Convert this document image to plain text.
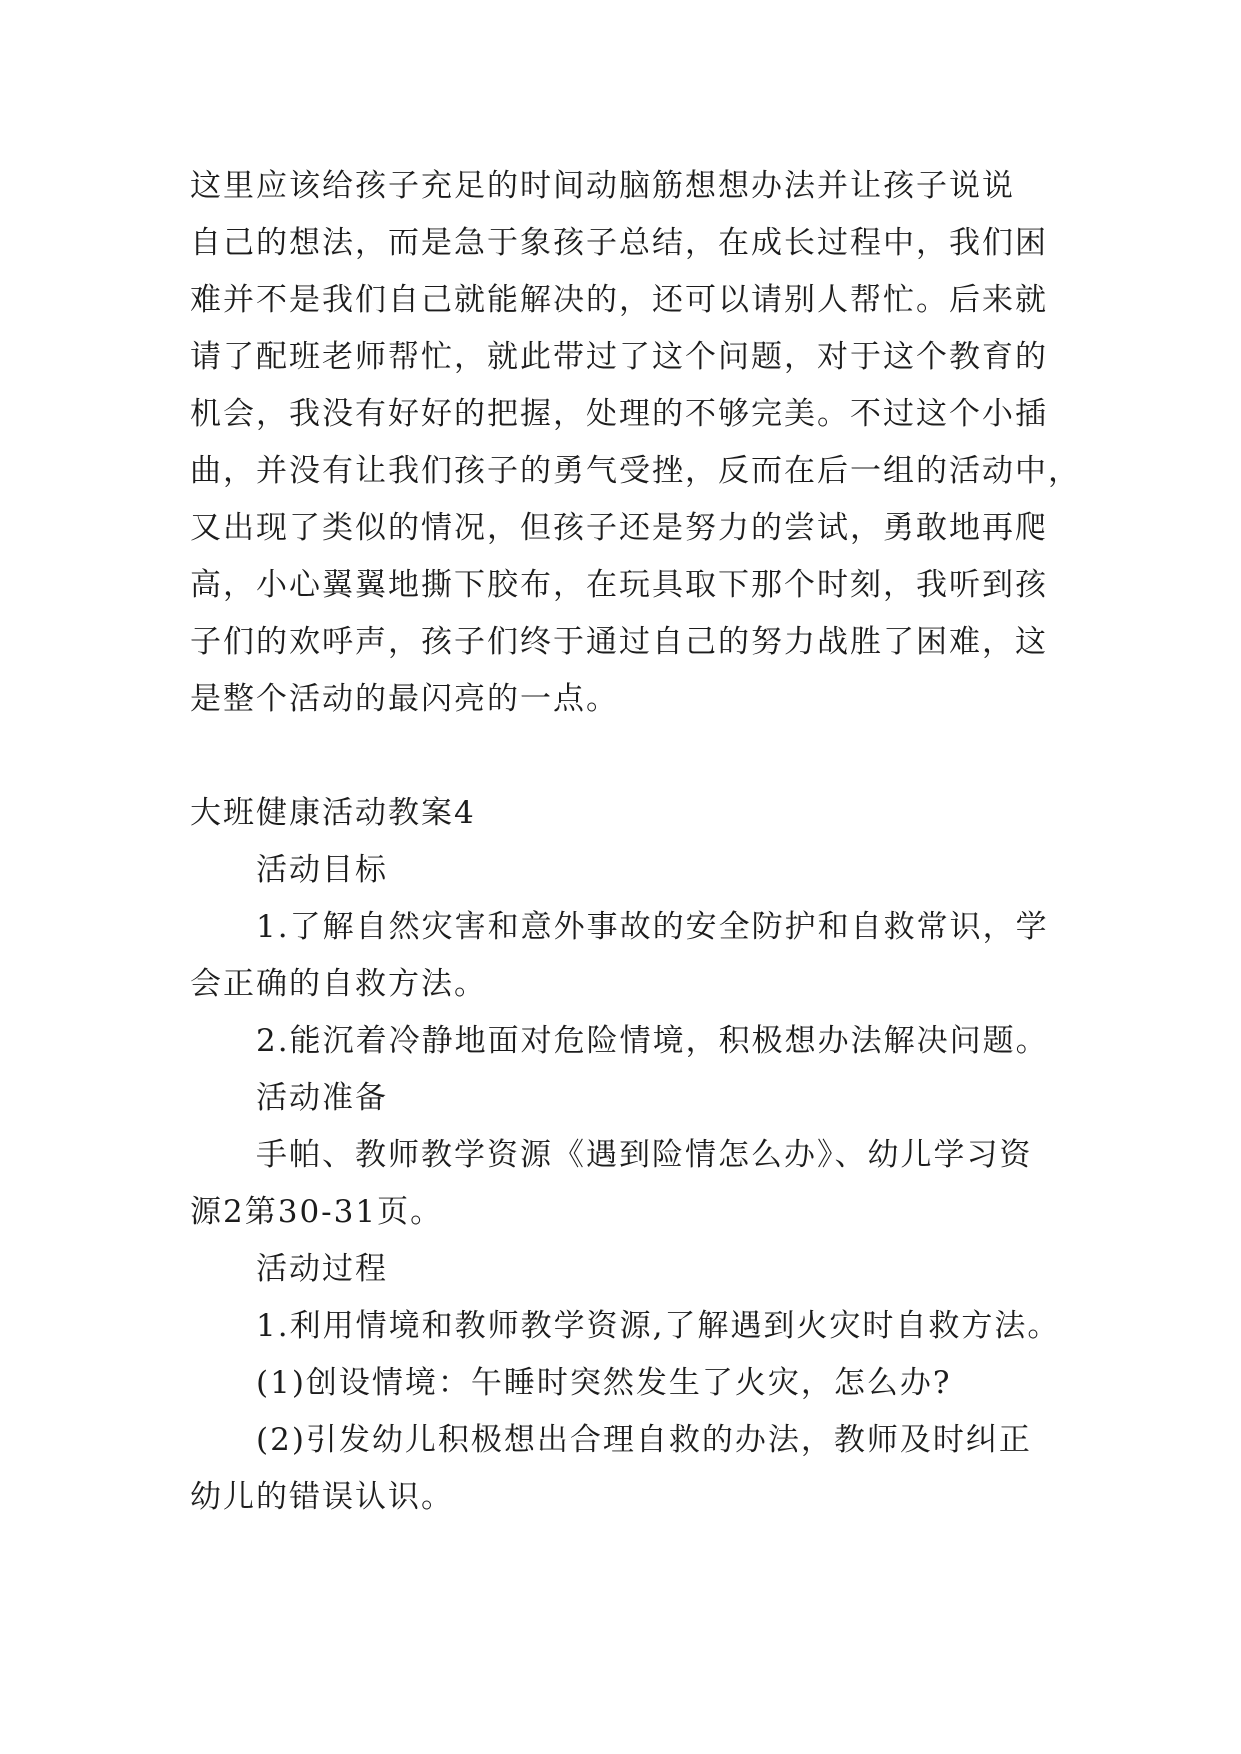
这里应该给孩子充足的时间动脑筋想想办法并让孩子说说
自己的想法，而是急于象孩子总结，在成长过程中，我们困
难并不是我们自己就能解决的，还可以请别人帮忙。后来就
请了配班老师帮忙，就此带过了这个问题，对于这个教育的
机会，我没有好好的把握，处理的不够完美。不过这个小插
曲，并没有让我们孩子的勇气受挫，反而在后一组的活动中，
又出现了类似的情况，但孩子还是努力的尝试，勇敢地再爬
高，小心翼翼地撕下胶布，在玩具取下那个时刻，我听到孩
子们的欢呼声，孩子们终于通过自己的努力战胜了困难，这
是整个活动的最闪亮的一点。
大班健康活动教案4
活动目标
1.了解自然灾害和意外事故的安全防护和自救常识，学
会正确的自救方法。
2.能沉着冷静地面对危险情境，积极想办法解决问题。
活动准备
手帕、教师教学资源《遇到险情怎么办》、幼儿学习资
源2第30-31页。
活动过程
1.利用情境和教师教学资源,了解遇到火灾时自救方法。
(1)创设情境：午睡时突然发生了火灾，怎么办?
(2)引发幼儿积极想出合理自救的办法，教师及时纠正
幼儿的错误认识。
